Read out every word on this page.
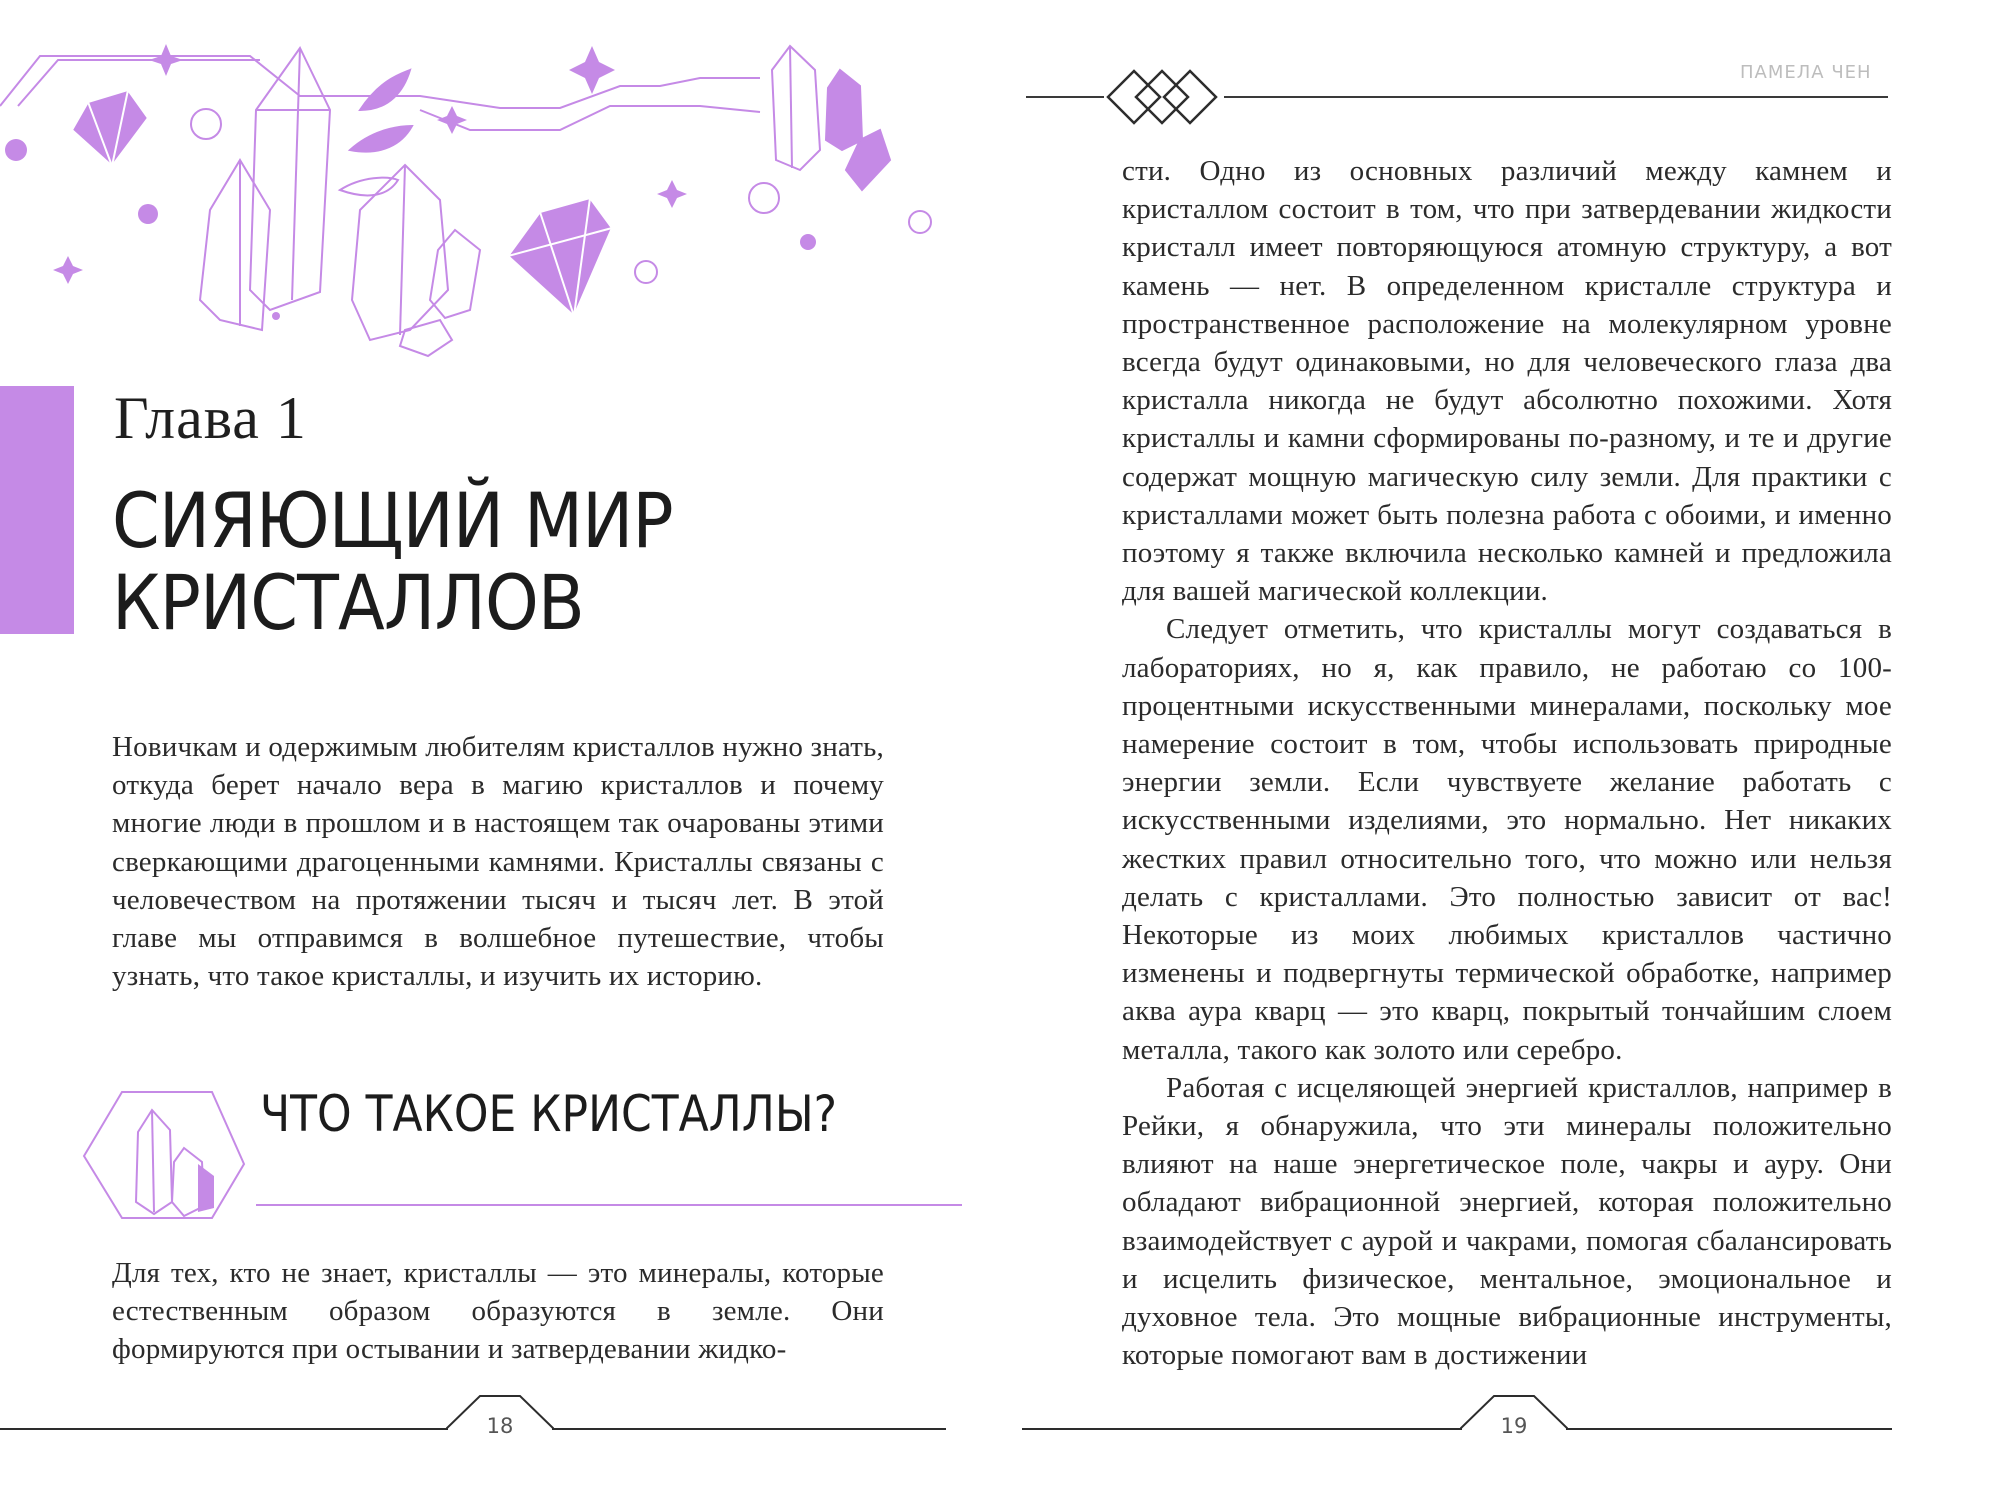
Глава 1
СИЯЮЩИЙ МИР КРИСТАЛЛОВ

Новичкам и одержимым любителям кристаллов нужно знать, откуда берет начало вера в магию кристаллов и почему многие люди в прошлом и в настоящем так очарованы этими сверкающими драгоценными камнями. Кристаллы связаны с человечеством на протяжении тысяч и тысяч лет. В этой главе мы отправимся в волшебное путешествие, чтобы узнать, что такое кристаллы, и изучить их историю.

ЧТО ТАКОЕ КРИСТАЛЛЫ?

Для тех, кто не знает, кристаллы — это минералы, которые естественным образом образуются в земле. Они формируются при остывании и затвердевании жидко-

18
ПАМЕЛА ЧЕН

сти. Одно из основных различий между камнем и кристаллом состоит в том, что при затвердевании жидкости кристалл имеет повторяющуюся атомную структуру, а вот камень — нет. В определенном кристалле структура и пространственное расположение на молекулярном уровне всегда будут одинаковыми, но для человеческого глаза два кристалла никогда не будут абсолютно похожими. Хотя кристаллы и камни сформированы по-разному, и те и другие содержат мощную магическую силу земли. Для практики с кристаллами может быть полезна работа с обоими, и именно поэтому я также включила несколько камней и предложила для вашей магической коллекции.

Следует отметить, что кристаллы могут создаваться в лабораториях, но я, как правило, не работаю со 100-процентными искусственными минералами, поскольку мое намерение состоит в том, чтобы использовать природные энергии земли. Если чувствуете желание работать с искусственными изделиями, это нормально. Нет никаких жестких правил относительно того, что можно или нельзя делать с кристаллами. Это полностью зависит от вас! Некоторые из моих любимых кристаллов частично изменены и подвергнуты термической обработке, например аква аура кварц — это кварц, покрытый тончайшим слоем металла, такого как золото или серебро.

Работая с исцеляющей энергией кристаллов, например в Рейки, я обнаружила, что эти минералы положительно влияют на наше энергетическое поле, чакры и ауру. Они обладают вибрационной энергией, которая положительно взаимодействует с аурой и чакрами, помогая сбалансировать и исцелить физическое, ментальное, эмоциональное и духовное тела. Это мощные вибрационные инструменты, которые помогают вам в достижении

19
